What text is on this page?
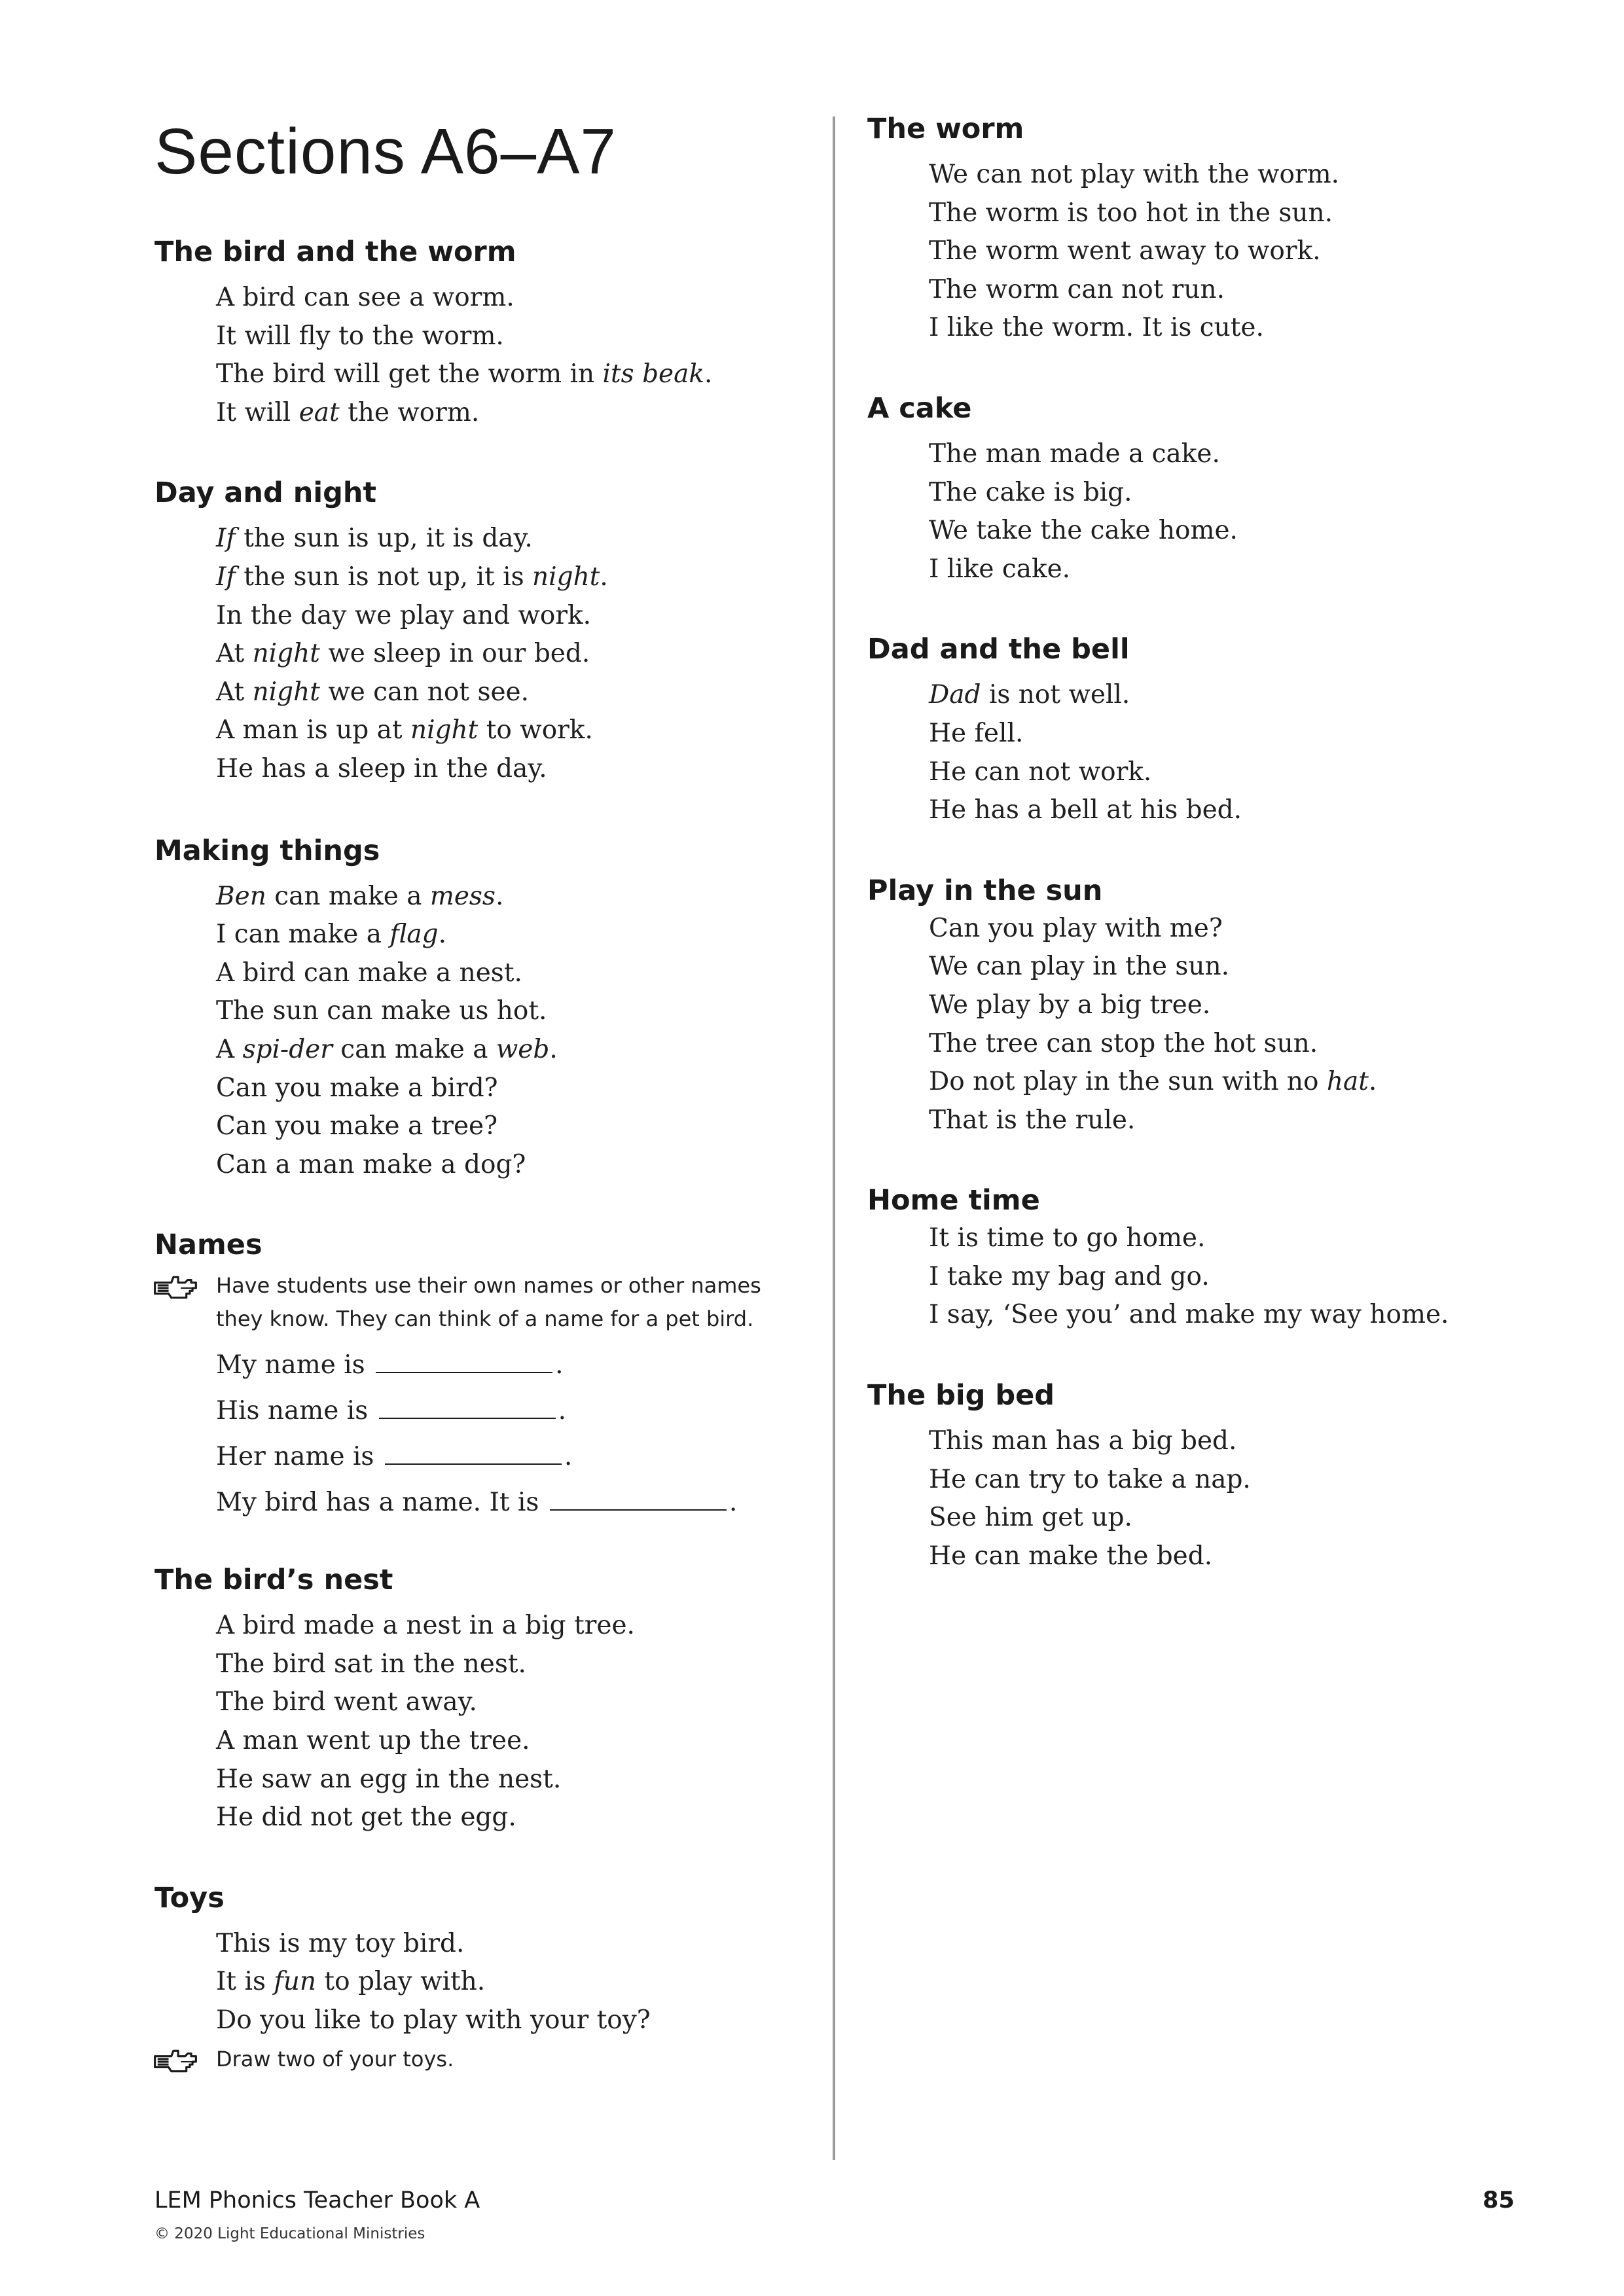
Sections A6–A7
The bird and the worm
A bird can see a worm.
It will fly to the worm.
The bird will get the worm in its beak.
It will eat the worm.
Day and night
If the sun is up, it is day.
If the sun is not up, it is night.
In the day we play and work.
At night we sleep in our bed.
At night we can not see.
A man is up at night to work.
He has a sleep in the day.
Making things
Ben can make a mess.
I can make a flag.
A bird can make a nest.
The sun can make us hot.
A spi-der can make a web.
Can you make a bird?
Can you make a tree?
Can a man make a dog?
Names
Have students use their own names or other names they know. They can think of a name for a pet bird.
My name is	.
His name is	.
Her name is	.
My bird has a name. It is	.
The bird’s nest
A bird made a nest in a big tree.
The bird sat in the nest.
The bird went away.
A man went up the tree.
He saw an egg in the nest.
He did not get the egg.
Toys
This is my toy bird.
It is fun to play with.
Do you like to play with your toy?
Draw two of your toys.
The worm
We can not play with the worm.
The worm is too hot in the sun.
The worm went away to work.
The worm can not run.
I like the worm. It is cute.
A cake
The man made a cake.
The cake is big.
We take the cake home.
I like cake.
Dad and the bell
Dad is not well.
He fell.
He can not work.
He has a bell at his bed.
Play in the sun
Can you play with me?
We can play in the sun.
We play by a big tree.
The tree can stop the hot sun.
Do not play in the sun with no hat.
That is the rule.
Home time
It is time to go home.
I take my bag and go.
I say, ‘See you’ and make my way home.
The big bed
This man has a big bed.
He can try to take a nap.
See him get up.
He can make the bed.
LEM Phonics Teacher Book A
© 2020 Light Educational Ministries
85
